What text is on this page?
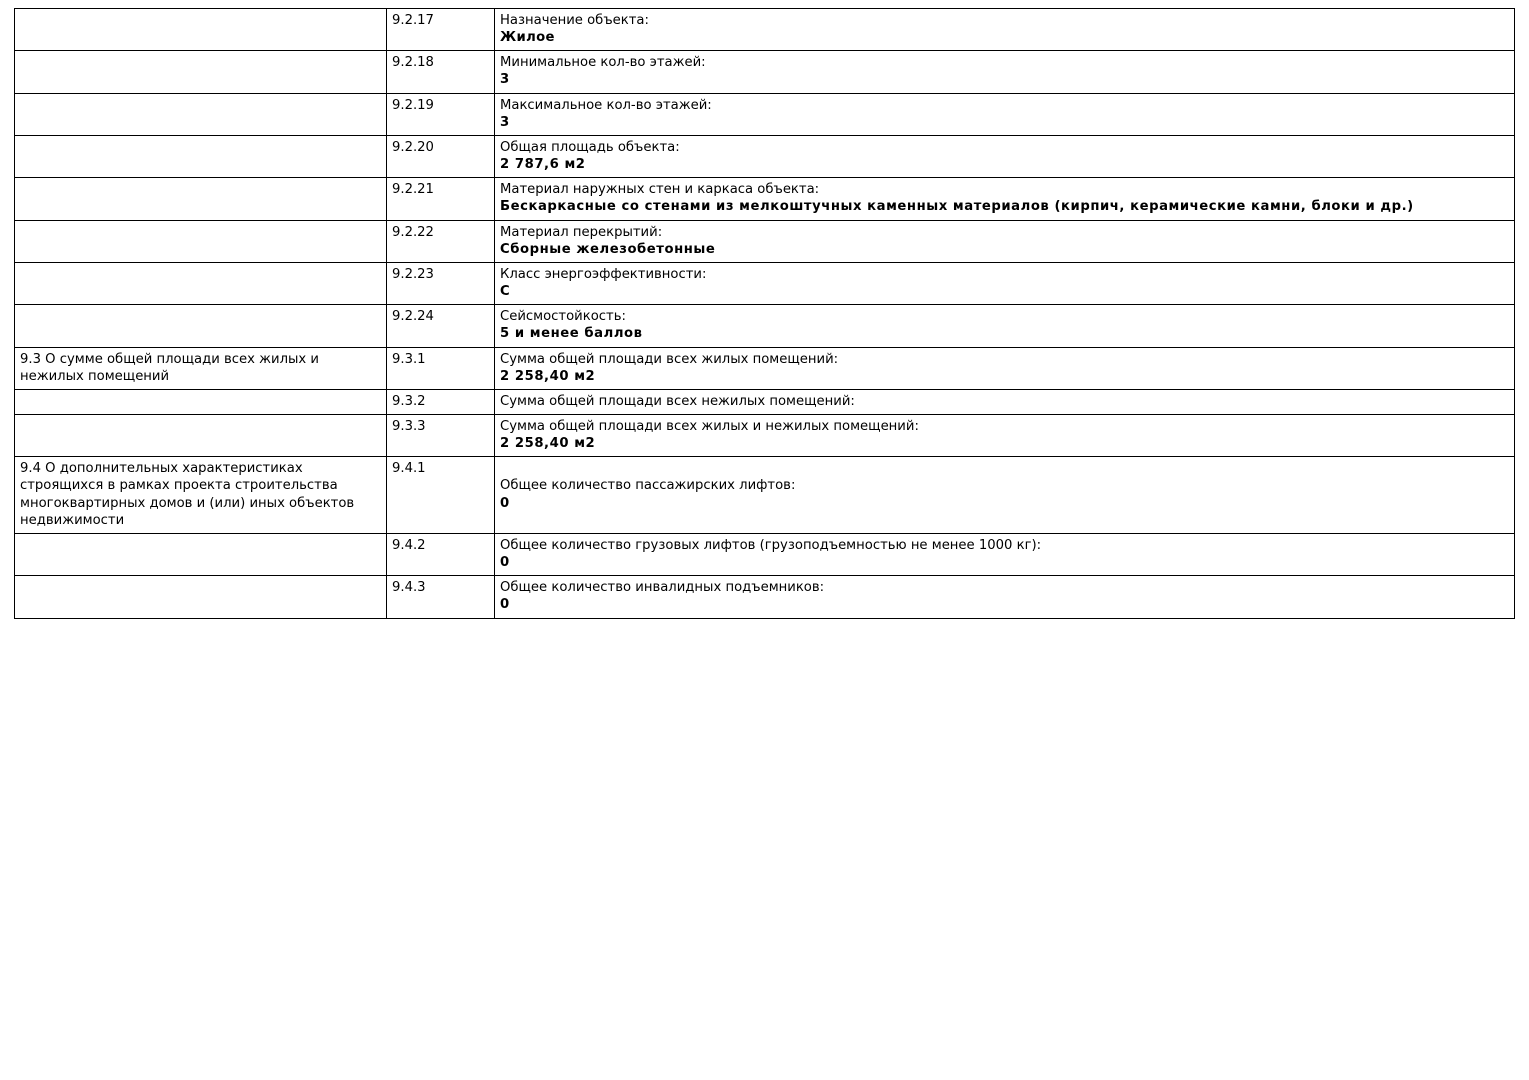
	9.2.17	Назначение объекта:
Жилое

	9.2.18	Минимальное кол-во этажей:
3

	9.2.19	Максимальное кол-во этажей:
3

	9.2.20	Общая площадь объекта:
2 787,6 м2

	9.2.21	Материал наружных стен и каркаса объекта:
Бескаркасные со стенами из мелкоштучных каменных материалов (кирпич, керамические камни, блоки и др.)

	9.2.22	Материал перекрытий:
Сборные железобетонные

	9.2.23	Класс энергоэффективности:
C

	9.2.24	Сейсмостойкость:
5 и менее баллов

9.3 О сумме общей площади всех жилых и нежилых помещений	9.3.1	Сумма общей площади всех жилых помещений:
2 258,40 м2

	9.3.2	Сумма общей площади всех нежилых помещений:

	9.3.3	Сумма общей площади всех жилых и нежилых помещений:
2 258,40 м2

9.4 О дополнительных характеристиках строящихся в рамках проекта строительства многоквартирных домов и (или) иных объектов недвижимости	9.4.1	Общее количество пассажирских лифтов:
0

	9.4.2	Общее количество грузовых лифтов (грузоподъемностью не менее 1000 кг):
0

	9.4.3	Общее количество инвалидных подъемников:
0
